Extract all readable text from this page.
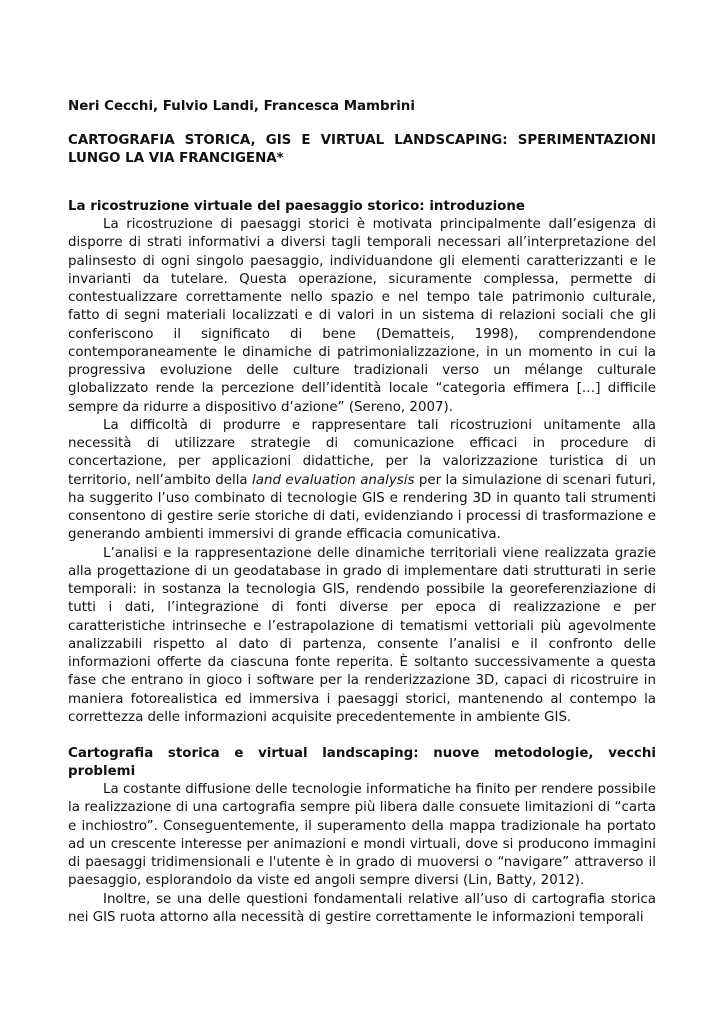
Neri Cecchi, Fulvio Landi, Francesca Mambrini
CARTOGRAFIA STORICA, GIS E VIRTUAL LANDSCAPING: SPERIMENTAZIONI LUNGO LA VIA FRANCIGENA*
La ricostruzione virtuale del paesaggio storico: introduzione

La ricostruzione di paesaggi storici è motivata principalmente dall’esigenza di disporre di strati informativi a diversi tagli temporali necessari all’interpretazione del palinsesto di ogni singolo paesaggio, individuandone gli elementi caratterizzanti e le invarianti da tutelare. Questa operazione, sicuramente complessa, permette di contestualizzare correttamente nello spazio e nel tempo tale patrimonio culturale, fatto di segni materiali localizzati e di valori in un sistema di relazioni sociali che gli conferiscono il significato di bene (Dematteis, 1998), comprendendone contemporaneamente le dinamiche di patrimonializzazione, in un momento in cui la progressiva evoluzione delle culture tradizionali verso un mélange culturale globalizzato rende la percezione dell’identità locale “categoria effimera […] difficile sempre da ridurre a dispositivo d’azione” (Sereno, 2007).

La difficoltà di produrre e rappresentare tali ricostruzioni unitamente alla necessità di utilizzare strategie di comunicazione efficaci in procedure di concertazione, per applicazioni didattiche, per la valorizzazione turistica di un territorio, nell’ambito della land evaluation analysis per la simulazione di scenari futuri, ha suggerito l’uso combinato di tecnologie GIS e rendering 3D in quanto tali strumenti consentono di gestire serie storiche di dati, evidenziando i processi di trasformazione e generando ambienti immersivi di grande efficacia comunicativa.

L’analisi e la rappresentazione delle dinamiche territoriali viene realizzata grazie alla progettazione di un geodatabase in grado di implementare dati strutturati in serie temporali: in sostanza la tecnologia GIS, rendendo possibile la georeferenziazione di tutti i dati, l’integrazione di fonti diverse per epoca di realizzazione e per caratteristiche intrinseche e l’estrapolazione di tematismi vettoriali più agevolmente analizzabili rispetto al dato di partenza, consente l’analisi e il confronto delle informazioni offerte da ciascuna fonte reperita. È soltanto successivamente a questa fase che entrano in gioco i software per la renderizzazione 3D, capaci di ricostruire in maniera fotorealistica ed immersiva i paesaggi storici, mantenendo al contempo la correttezza delle informazioni acquisite precedentemente in ambiente GIS.

Cartografia storica e virtual landscaping: nuove metodologie, vecchi problemi

La costante diffusione delle tecnologie informatiche ha finito per rendere possibile la realizzazione di una cartografia sempre più libera dalle consuete limitazioni di “carta e inchiostro”. Conseguentemente, il superamento della mappa tradizionale ha portato ad un crescente interesse per animazioni e mondi virtuali, dove si producono immagini di paesaggi tridimensionali e l'utente è in grado di muoversi o “navigare” attraverso il paesaggio, esplorandolo da viste ed angoli sempre diversi (Lin, Batty, 2012).

Inoltre, se una delle questioni fondamentali relative all’uso di cartografia storica nei GIS ruota attorno alla necessità di gestire correttamente le informazioni temporali
